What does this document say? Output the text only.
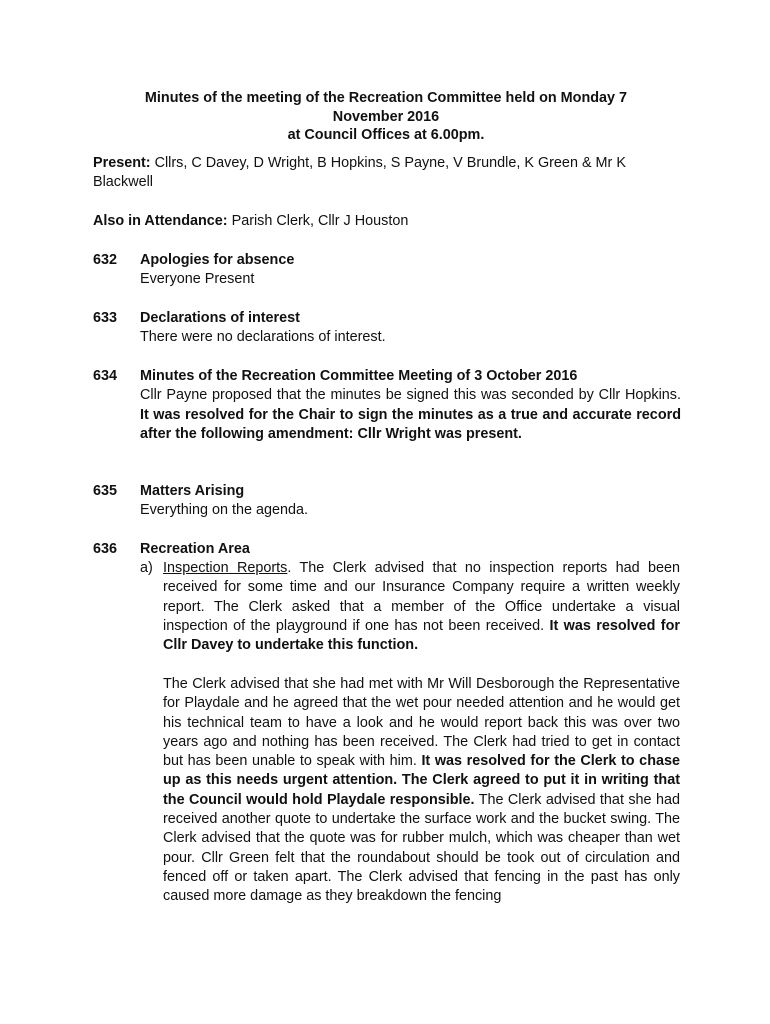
Minutes of the meeting of the Recreation Committee held on Monday 7
November 2016
at Council Offices at 6.00pm.

Present: Cllrs, C Davey, D Wright, B Hopkins, S Payne, V Brundle, K Green & Mr K Blackwell

Also in Attendance: Parish Clerk, Cllr J Houston

632 Apologies for absence
Everyone Present
633 Declarations of interest
There were no declarations of interest.
634 Minutes of the Recreation Committee Meeting of 3 October 2016
Cllr Payne proposed that the minutes be signed this was seconded by Cllr Hopkins. It was resolved for the Chair to sign the minutes as a true and accurate record after the following amendment: Cllr Wright was present.
635 Matters Arising
Everything on the agenda.
636 Recreation Area
a) Inspection Reports. The Clerk advised that no inspection reports had been received for some time and our Insurance Company require a written weekly report. The Clerk asked that a member of the Office undertake a visual inspection of the playground if one has not been received. It was resolved for Cllr Davey to undertake this function.
The Clerk advised that she had met with Mr Will Desborough the Representative for Playdale and he agreed that the wet pour needed attention and he would get his technical team to have a look and he would report back this was over two years ago and nothing has been received. The Clerk had tried to get in contact but has been unable to speak with him. It was resolved for the Clerk to chase up as this needs urgent attention. The Clerk agreed to put it in writing that the Council would hold Playdale responsible. The Clerk advised that she had received another quote to undertake the surface work and the bucket swing. The Clerk advised that the quote was for rubber mulch, which was cheaper than wet pour. Cllr Green felt that the roundabout should be took out of circulation and fenced off or taken apart. The Clerk advised that fencing in the past has only caused more damage as they breakdown the fencing
